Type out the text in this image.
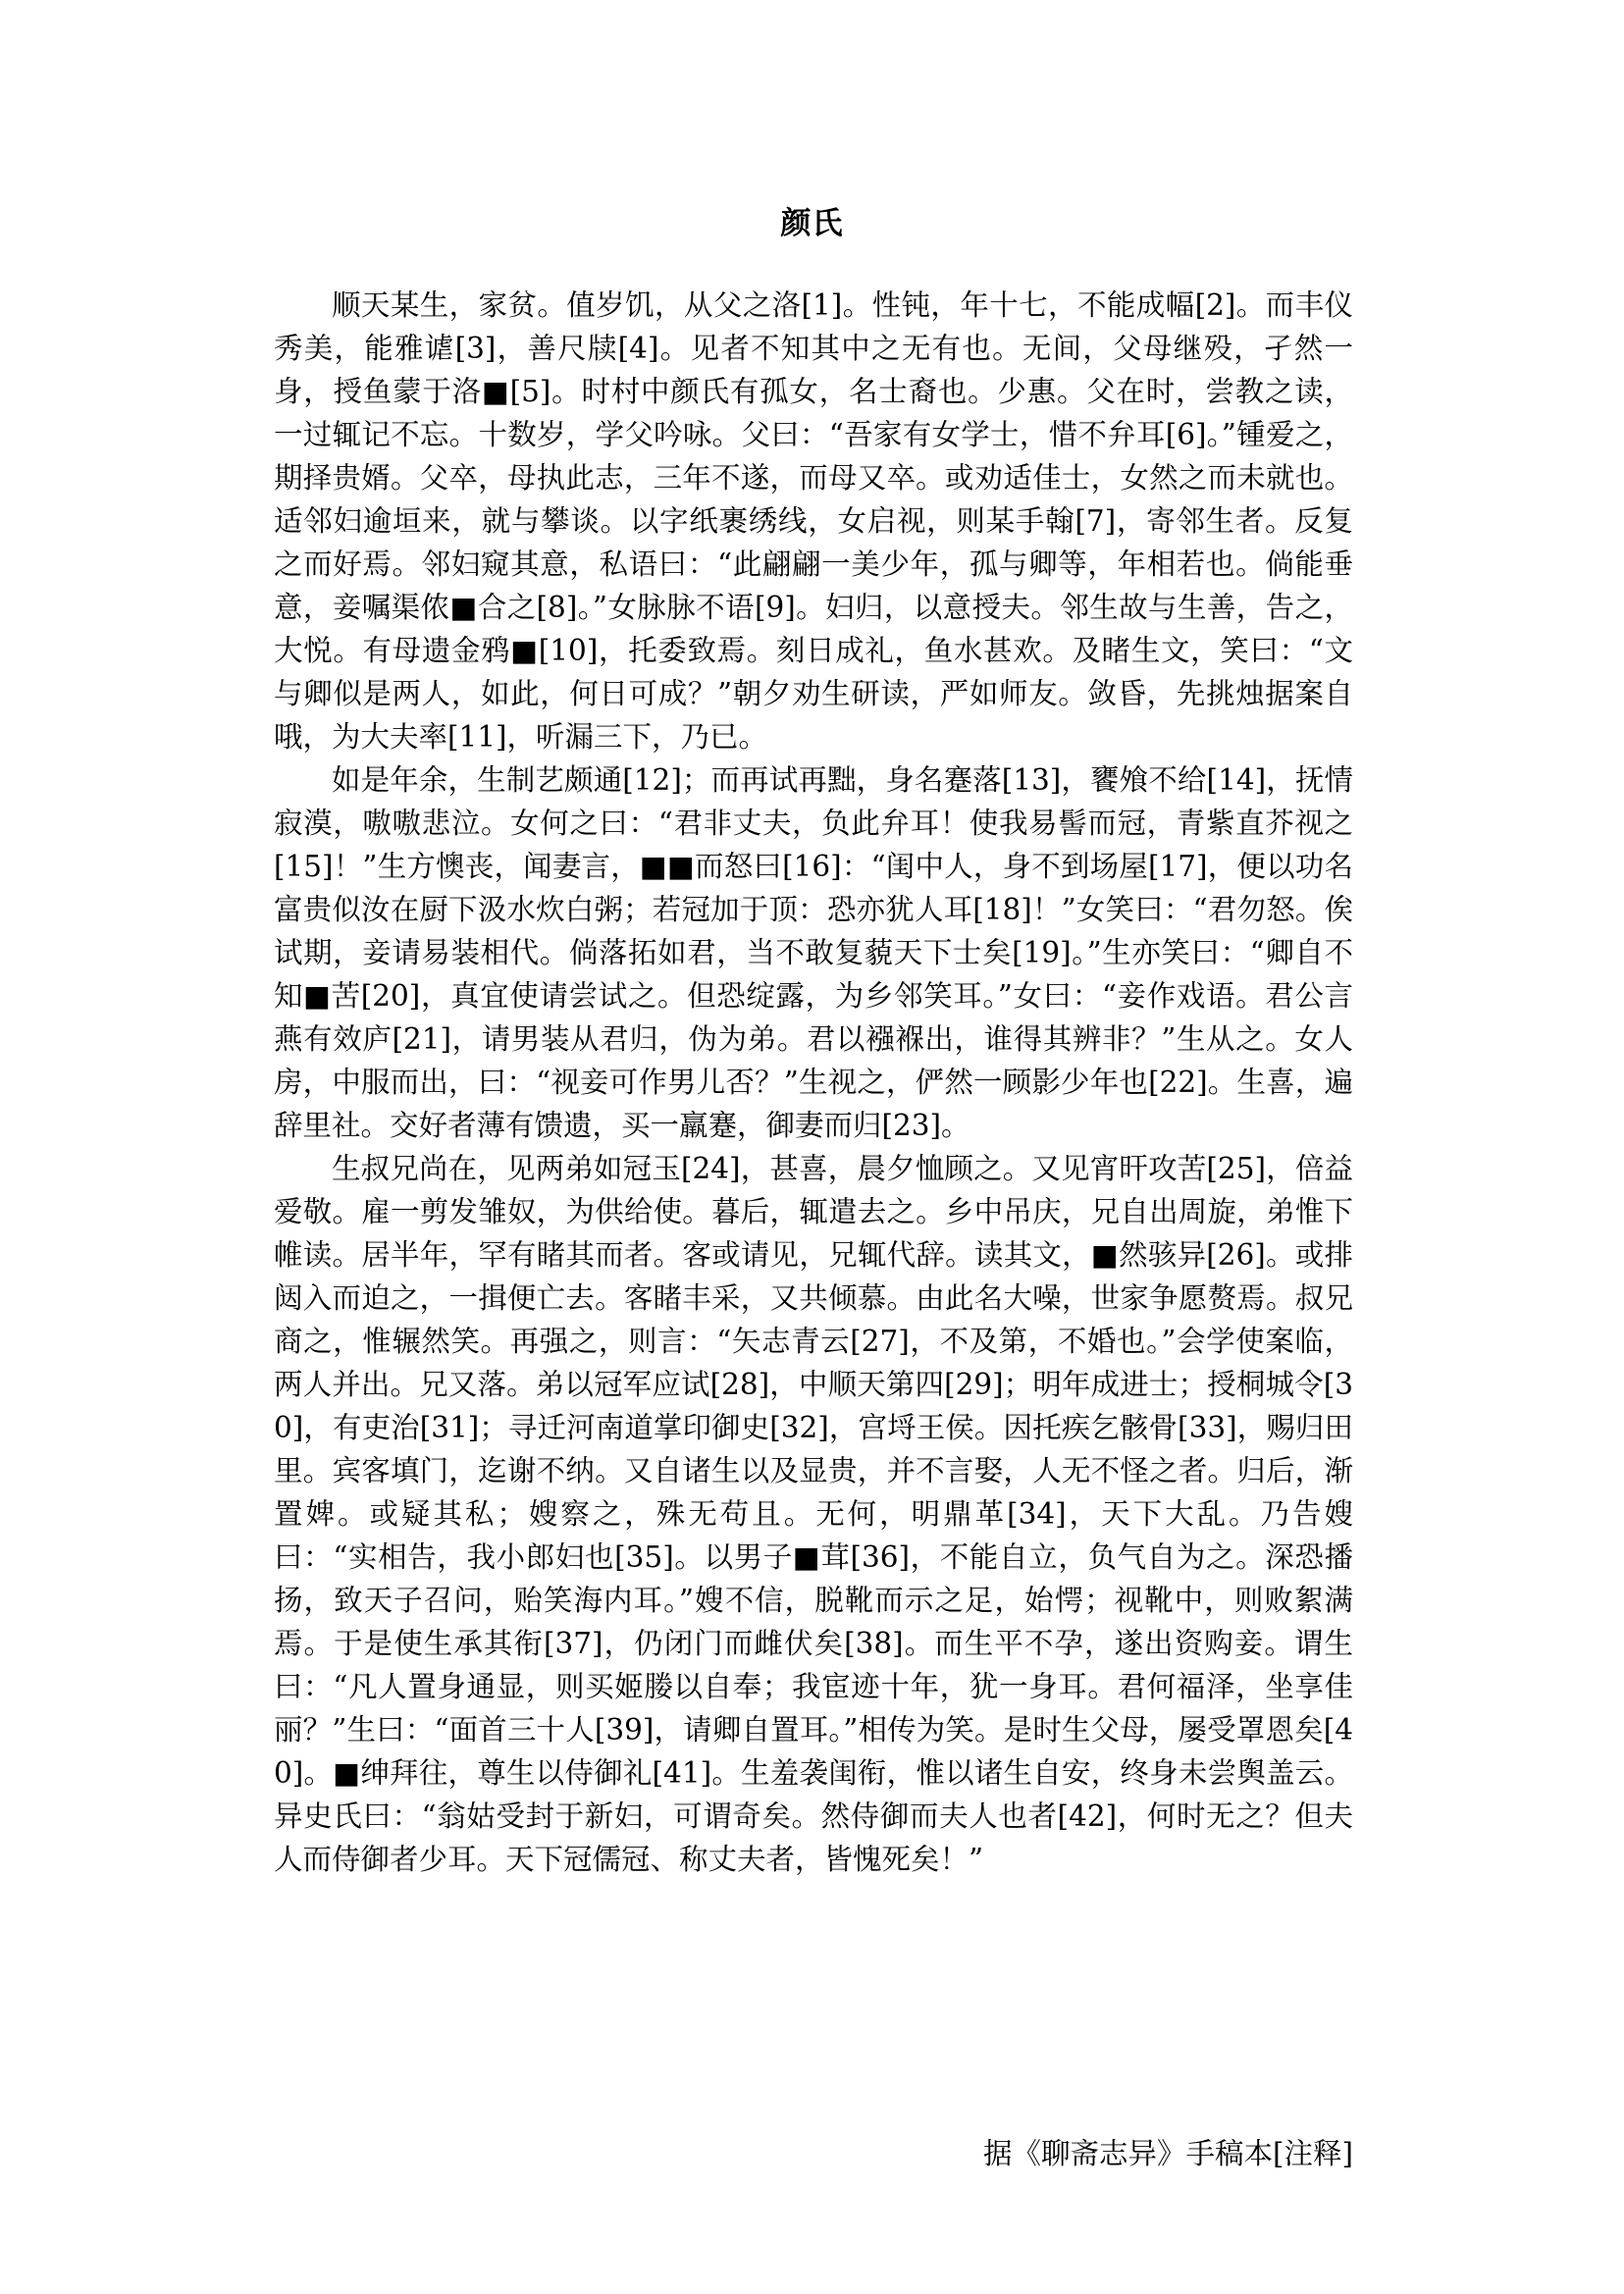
颜氏

顺天某生，家贫。值岁饥，从父之洛[1]。性钝，年十七，不能成幅[2]。而丰仪秀美，能雅谑[3]，善尺牍[4]。见者不知其中之无有也。无间，父母继殁，孑然一身，授鱼蒙于洛■[5]。时村中颜氏有孤女，名士裔也。少惠。父在时，尝教之读，一过辄记不忘。十数岁，学父吟咏。父曰：“吾家有女学士，惜不弁耳[6]。”锺爱之，期择贵婿。父卒，母执此志，三年不遂，而母又卒。或劝适佳士，女然之而未就也。适邻妇逾垣来，就与攀谈。以字纸裹绣线，女启视，则某手翰[7]，寄邻生者。反复之而好焉。邻妇窥其意，私语曰：“此翩翩一美少年，孤与卿等，年相若也。倘能垂意，妾嘱渠侬■合之[8]。”女脉脉不语[9]。妇归，以意授夫。邻生故与生善，告之，大悦。有母遗金鸦■[10]，托委致焉。刻日成礼，鱼水甚欢。及睹生文，笑曰：“文与卿似是两人，如此，何日可成？”朝夕劝生研读，严如师友。敛昏，先挑烛据案自哦，为大夫率[11]，听漏三下，乃已。

如是年余，生制艺颇通[12]；而再试再黜，身名蹇落[13]，饔飧不给[14]，抚情寂漠，嗷嗷悲泣。女何之曰：“君非丈夫，负此弁耳！使我易髻而冠，青紫直芥视之[15]！”生方懊丧，闻妻言，■■而怒曰[16]：“闺中人，身不到场屋[17]，便以功名富贵似汝在厨下汲水炊白粥；若冠加于顶：恐亦犹人耳[18]！”女笑曰：“君勿怒。俟试期，妾请易装相代。倘落拓如君，当不敢复藐天下士矣[19]。”生亦笑曰：“卿自不知■苦[20]，真宜使请尝试之。但恐绽露，为乡邻笑耳。”女曰：“妾作戏语。君公言燕有效庐[21]，请男装从君归，伪为弟。君以襁褓出，谁得其辨非？”生从之。女人房，中服而出，曰：“视妾可作男儿否？”生视之，俨然一顾影少年也[22]。生喜，遍辞里社。交好者薄有馈遗，买一羸蹇，御妻而归[23]。

生叔兄尚在，见两弟如冠玉[24]，甚喜，晨夕恤顾之。又见宵旰攻苦[25]，倍益爱敬。雇一剪发雏奴，为供给使。暮后，辄遣去之。乡中吊庆，兄自出周旋，弟惟下帷读。居半年，罕有睹其而者。客或请见，兄辄代辞。读其文，■然骇异[26]。或排闼入而迫之，一揖便亡去。客睹丰采，又共倾慕。由此名大噪，世家争愿赘焉。叔兄商之，惟辗然笑。再强之，则言：“矢志青云[27]，不及第，不婚也。”会学使案临，两人并出。兄又落。弟以冠军应试[28]，中顺天第四[29]；明年成进士；授桐城令[30]，有吏治[31]；寻迁河南道掌印御史[32]，宫埒王侯。因托疾乞骸骨[33]，赐归田里。宾客填门，迄谢不纳。又自诸生以及显贵，并不言娶，人无不怪之者。归后，渐置婢。或疑其私；嫂察之，殊无苟且。无何，明鼎革[34]，天下大乱。乃告嫂曰：“实相告，我小郎妇也[35]。以男子■茸[36]，不能自立，负气自为之。深恐播扬，致天子召问，贻笑海内耳。”嫂不信，脱靴而示之足，始愕；视靴中，则败絮满焉。于是使生承其衔[37]，仍闭门而雌伏矣[38]。而生平不孕，遂出资购妾。谓生曰：“凡人置身通显，则买姬媵以自奉；我宦迹十年，犹一身耳。君何福泽，坐享佳丽？”生曰：“面首三十人[39]，请卿自置耳。”相传为笑。是时生父母，屡受罩恩矣[40]。■绅拜往，尊生以侍御礼[41]。生羞袭闺衔，惟以诸生自安，终身未尝舆盖云。异史氏曰：“翁姑受封于新妇，可谓奇矣。然侍御而夫人也者[42]，何时无之？但夫人而侍御者少耳。天下冠儒冠、称丈夫者，皆愧死矣！”

据《聊斋志异》手稿本[注释]
